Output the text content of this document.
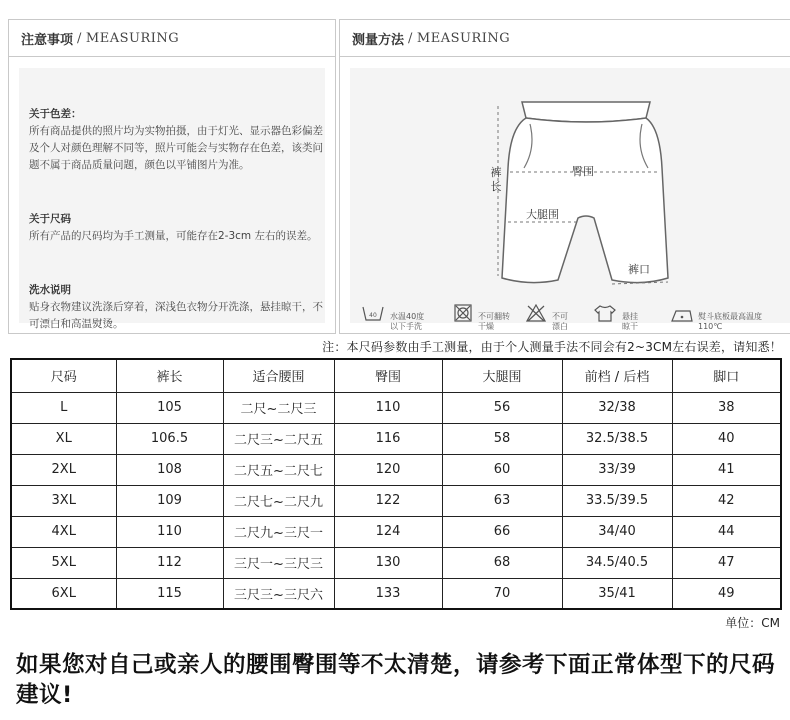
注意事项 / MEASURING
关于色差：
所有商品提供的照片均为实物拍摄，由于灯光、显示器色彩偏差及个人对颜色理解不同等，照片可能会与实物存在色差，该类问题不属于商品质量问题，颜色以平铺图片为准。
关于尺码
所有产品的尺码均为手工测量，可能存在2-3cm 左右的误差。
洗水说明
贴身衣物建议洗涤后穿着，深浅色衣物分开洗涤，悬挂晾干，不可漂白和高温熨烫。
测量方法 / MEASURING
裤长
臀围
大腿围
裤口
40 水温40度以下手洗
不可翻转干燥
不可漂白
悬挂晾干
熨斗底板最高温度110℃
注：本尺码参数由手工测量，由于个人测量手法不同会有2~3CM左右误差，请知悉！
尺码	裤长	适合腰围	臀围	大腿围	前档 / 后档	脚口
L	105	二尺~二尺三	110	56	32/38	38
XL	106.5	二尺三~二尺五	116	58	32.5/38.5	40
2XL	108	二尺五~二尺七	120	60	33/39	41
3XL	109	二尺七~二尺九	122	63	33.5/39.5	42
4XL	110	二尺九~三尺一	124	66	34/40	44
5XL	112	三尺一~三尺三	130	68	34.5/40.5	47
6XL	115	三尺三~三尺六	133	70	35/41	49
单位：CM
如果您对自己或亲人的腰围臀围等不太清楚，请参考下面正常体型下的尺码建议!
